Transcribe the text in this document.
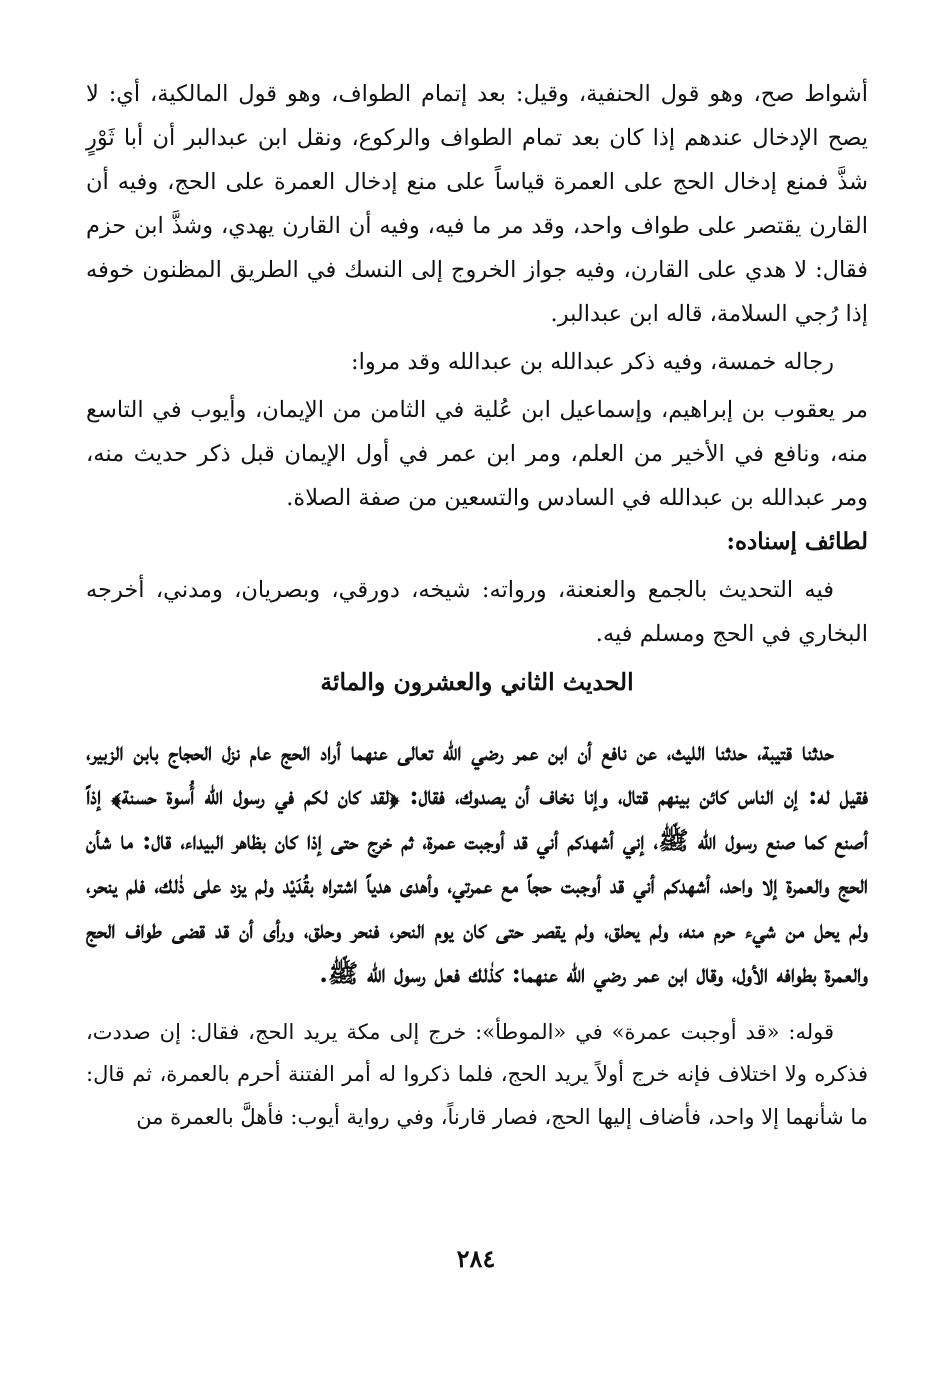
أشواط صح، وهو قول الحنفية، وقيل: بعد إتمام الطواف، وهو قول المالكية، أي: لا يصح الإدخال عندهم إذا كان بعد تمام الطواف والركوع، ونقل ابن عبدالبر أن أبا ثَوْرٍ شذَّ فمنع إدخال الحج على العمرة قياساً على منع إدخال العمرة على الحج، وفيه أن القارن يقتصر على طواف واحد، وقد مر ما فيه، وفيه أن القارن يهدي، وشذَّ ابن حزم فقال: لا هدي على القارن، وفيه جواز الخروج إلى النسك في الطريق المظنون خوفه إذا رُجي السلامة، قاله ابن عبدالبر.

رجاله خمسة، وفيه ذكر عبدالله بن عبدالله وقد مروا:

مر يعقوب بن إبراهيم، وإسماعيل ابن عُلية في الثامن من الإيمان، وأيوب في التاسع منه، ونافع في الأخير من العلم، ومر ابن عمر في أول الإيمان قبل ذكر حديث منه، ومر عبدالله بن عبدالله في السادس والتسعين من صفة الصلاة.

لطائف إسناده:

فيه التحديث بالجمع والعنعنة، ورواته: شيخه، دورقي، وبصريان، ومدني، أخرجه البخاري في الحج ومسلم فيه.

الحديث الثاني والعشرون والمائة

حدثنا قتيبة، حدثنا الليث، عن نافع أن ابن عمر رضي الله تعالى عنهما أراد الحج عام نزل الحجاج بابن الزبير، فقيل له: إن الناس كائن بينهم قتال، وإنا نخاف أن يصدوك، فقال: ﴿لقد كان لكم في رسول الله أُسوة حسنة﴾ إذاً أصنع كما صنع رسول الله ﷺ، إني أشهدكم أني قد أوجبت عمرة، ثم خرج حتى إذا كان بظاهر البيداء، قال: ما شأن الحج والعمرة إلا واحد، أشهدكم أني قد أوجبت حجاً مع عمرتي، وأهدى هدياً اشتراه بقُدَيْد ولم يزد على ذٰلك، فلم ينحر، ولم يحل من شيء حرم منه، ولم يحلق، ولم يقصر حتى كان يوم النحر، فنحر وحلق، ورأى أن قد قضى طواف الحج والعمرة بطوافه الأول، وقال ابن عمر رضي الله عنهما: كذٰلك فعل رسول الله ﷺ.

قوله: «قد أوجبت عمرة» في «الموطأ»: خرج إلى مكة يريد الحج، فقال: إن صددت، فذكره ولا اختلاف فإنه خرج أولاً يريد الحج، فلما ذكروا له أمر الفتنة أحرم بالعمرة، ثم قال: ما شأنهما إلا واحد، فأضاف إليها الحج، فصار قارناً، وفي رواية أيوب: فأهلَّ بالعمرة من

٢٨٤
